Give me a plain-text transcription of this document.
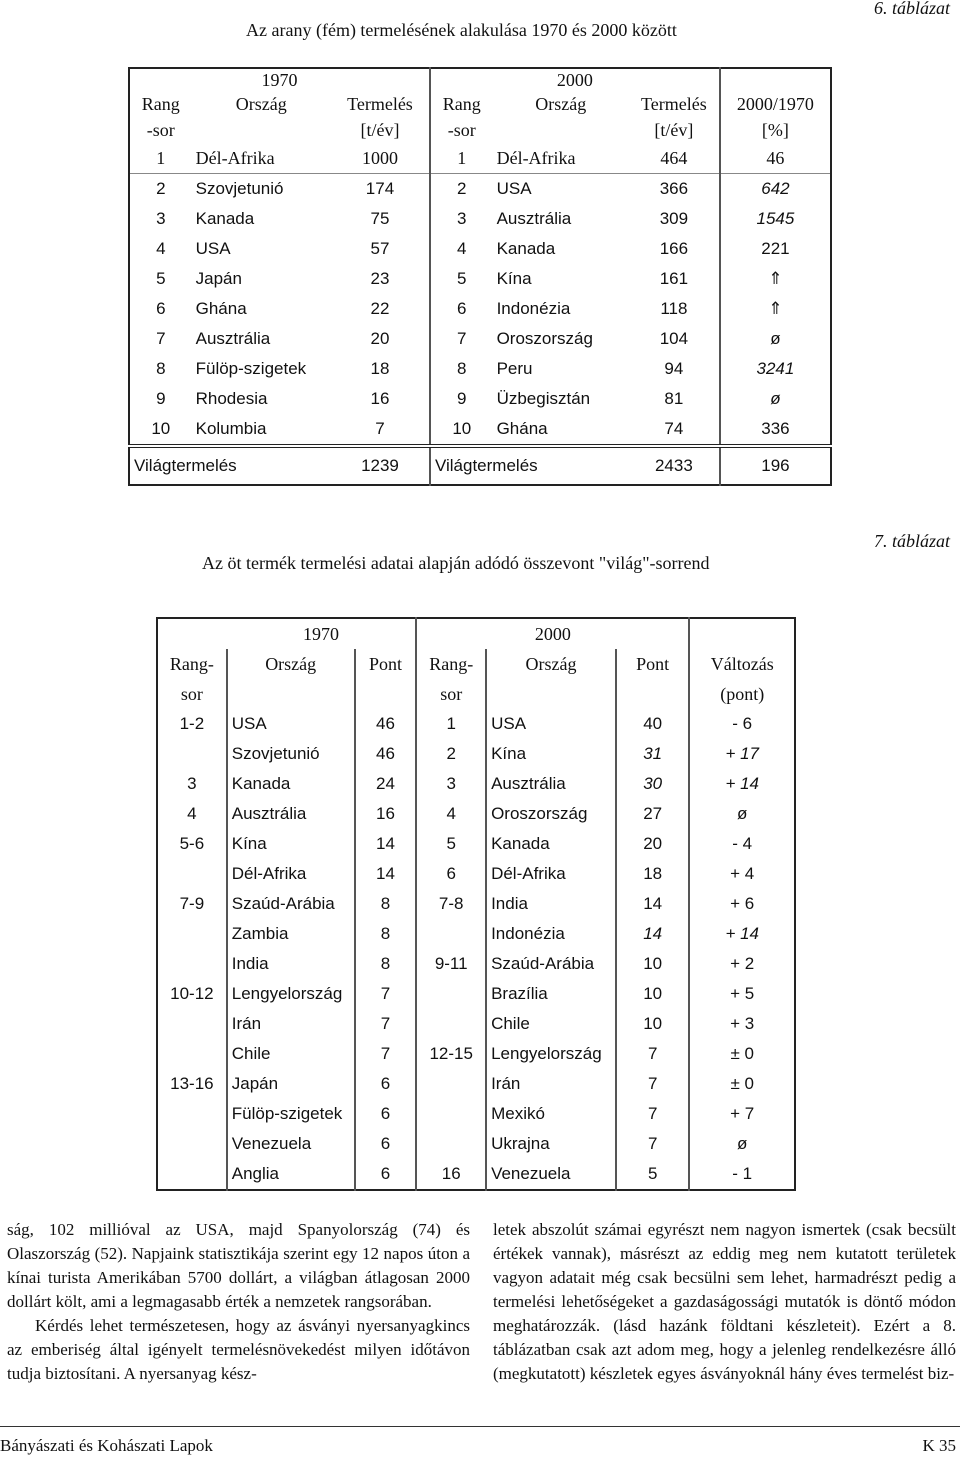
Az arany (fém) termelésének alakulása 1970 és 2000 között
6. táblázat
1970			2000			
Rang	Ország	Termelés	Rang	Ország	Termelés	2000/1970
-sor		[t/év]	-sor		[t/év]	[%]
1	Dél-Afrika	1000	1	Dél-Afrika	464	46
2	Szovjetunió	174	2	USA	366	642
3	Kanada	75	3	Ausztrália	309	1545
4	USA	57	4	Kanada	166	221
5	Japán	23	5	Kína	161	⇑
6	Ghána	22	6	Indonézia	118	⇑
7	Ausztrália	20	7	Oroszország	104	ø
8	Fülöp-szigetek	18	8	Peru	94	3241
9	Rhodesia	16	9	Üzbegisztán	81	ø
10	Kolumbia	7	10	Ghána	74	336
Világtermelés		1239	Világtermelés		2433	196
Az öt termék termelési adatai alapján adódó összevont "világ"-sorrend
7. táblázat
	1970		2000			
Rang-	Ország	Pont	Rang-	Ország	Pont	Változás
sor			sor			(pont)
1-2	USA	46	1	USA	40	- 6
	Szovjetunió	46	2	Kína	31	+ 17
3	Kanada	24	3	Ausztrália	30	+ 14
4	Ausztrália	16	4	Oroszország	27	ø
5-6	Kína	14	5	Kanada	20	- 4
	Dél-Afrika	14	6	Dél-Afrika	18	+ 4
7-9	Szaúd-Arábia	8	7-8	India	14	+ 6
	Zambia	8		Indonézia	14	+ 14
	India	8	9-11	Szaúd-Arábia	10	+ 2
10-12	Lengyelország	7		Brazília	10	+ 5
	Irán	7		Chile	10	+ 3
	Chile	7	12-15	Lengyelország	7	± 0
13-16	Japán	6		Irán	7	± 0
	Fülöp-szigetek	6		Mexikó	7	+ 7
	Venezuela	6		Ukrajna	7	ø
	Anglia	6	16	Venezuela	5	- 1

ság, 102 millióval az USA, majd Spanyolország (74) és Olaszország (52). Napjaink statisztikája szerint egy 12 napos úton a kínai turista Amerikában 5700 dollárt, a világban átlagosan 2000 dollárt költ, ami a legmagasabb érték a nemzetek rangsorában.

Kérdés lehet természetesen, hogy az ásványi nyersanyagkincs az emberiség által igényelt termelésnövekedést milyen időtávon tudja biztosítani. A nyersanyag kész-

letek abszolút számai egyrészt nem nagyon ismertek (csak becsült értékek vannak), másrészt az eddig meg nem kutatott területek vagyon adatait még csak becsülni sem lehet, harmadrészt pedig a termelési lehetőségeket a gazdaságossági mutatók is döntő módon meghatározzák. (lásd hazánk földtani készleteit). Ezért a 8. táblázatban csak azt adom meg, hogy a jelenleg rendelkezésre álló (megkutatott) készletek egyes ásványoknál hány éves termelést biz-

Bányászati és Kohászati Lapok	K 35
